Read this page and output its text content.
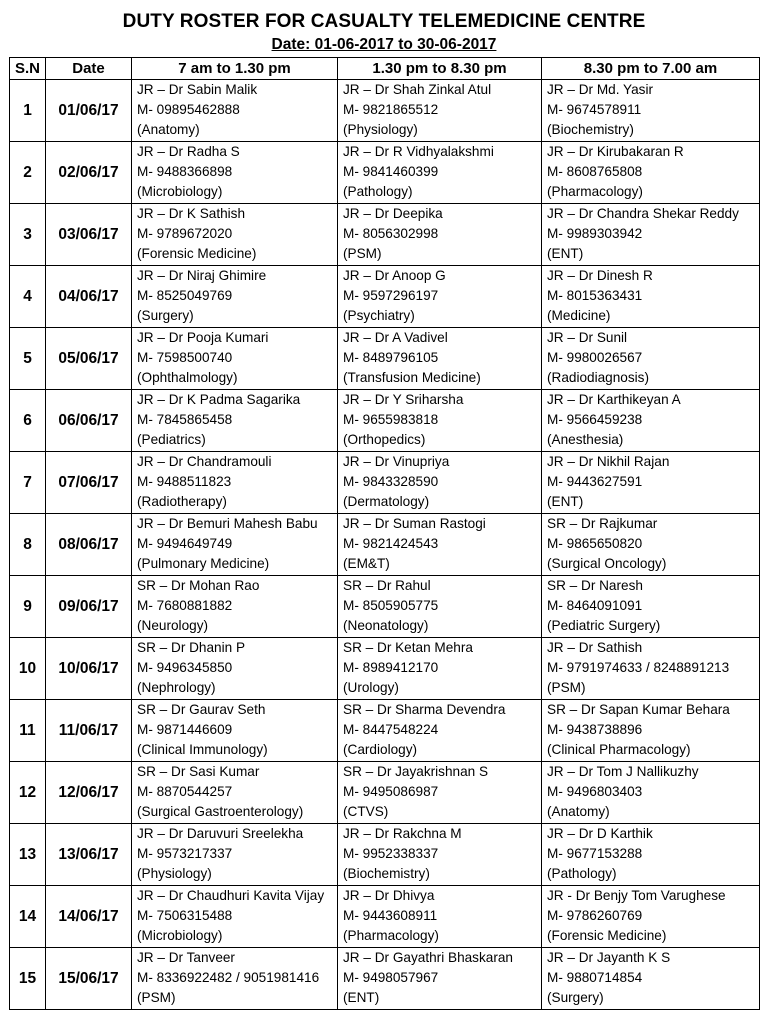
DUTY ROSTER FOR CASUALTY TELEMEDICINE CENTRE
Date: 01-06-2017 to 30-06-2017
S.N	Date	7 am to 1.30 pm	1.30 pm to 8.30 pm	8.30 pm to 7.00 am
1	01/06/17	JR – Dr Sabin Malik
M- 09895462888
(Anatomy)	JR – Dr Shah Zinkal Atul
M- 9821865512
(Physiology)	JR – Dr Md. Yasir
M- 9674578911
(Biochemistry)

2	02/06/17	JR – Dr Radha S
M- 9488366898
(Microbiology)	JR – Dr R Vidhyalakshmi
M- 9841460399
(Pathology)	JR – Dr Kirubakaran R
M- 8608765808
(Pharmacology)

3	03/06/17	JR – Dr K Sathish
M- 9789672020
(Forensic Medicine)	JR – Dr Deepika
M- 8056302998
(PSM)	JR – Dr Chandra Shekar Reddy
M- 9989303942
(ENT)

4	04/06/17	JR – Dr Niraj Ghimire
M- 8525049769
(Surgery)	JR – Dr Anoop G
M- 9597296197
(Psychiatry)	JR – Dr Dinesh R
M- 8015363431
(Medicine)

5	05/06/17	JR – Dr Pooja Kumari
M- 7598500740
(Ophthalmology)	JR – Dr A Vadivel
M- 8489796105
(Transfusion Medicine)	JR – Dr Sunil
M- 9980026567
(Radiodiagnosis)

6	06/06/17	JR – Dr K Padma Sagarika
M- 7845865458
(Pediatrics)	JR – Dr Y Sriharsha
M- 9655983818
(Orthopedics)	JR – Dr Karthikeyan A
M- 9566459238
(Anesthesia)

7	07/06/17	JR – Dr Chandramouli
M- 9488511823
(Radiotherapy)	JR – Dr Vinupriya
M- 9843328590
(Dermatology)	JR – Dr Nikhil Rajan
M- 9443627591
(ENT)

8	08/06/17	JR – Dr Bemuri Mahesh Babu
M- 9494649749
(Pulmonary Medicine)	JR – Dr Suman Rastogi
M- 9821424543
(EM&T)	SR – Dr Rajkumar
M- 9865650820
(Surgical Oncology)

9	09/06/17	SR – Dr Mohan Rao
M- 7680881882
(Neurology)	SR – Dr Rahul
M- 8505905775
(Neonatology)	SR – Dr Naresh
M- 8464091091
(Pediatric Surgery)

10	10/06/17	SR – Dr Dhanin P
M- 9496345850
(Nephrology)	SR – Dr Ketan Mehra
M- 8989412170
(Urology)	JR – Dr Sathish
M- 9791974633 / 8248891213
(PSM)

11	11/06/17	SR – Dr Gaurav Seth
M- 9871446609
(Clinical Immunology)	SR – Dr Sharma Devendra
M- 8447548224
(Cardiology)	SR – Dr Sapan Kumar Behara
M- 9438738896
(Clinical Pharmacology)

12	12/06/17	SR – Dr Sasi Kumar
M- 8870544257
(Surgical Gastroenterology)	SR – Dr Jayakrishnan S
M- 9495086987
(CTVS)	JR – Dr Tom J Nallikuzhy
M- 9496803403
(Anatomy)

13	13/06/17	JR – Dr Daruvuri Sreelekha
M- 9573217337
(Physiology)	JR – Dr Rakchna M
M- 9952338337
(Biochemistry)	JR – Dr D Karthik
M- 9677153288
(Pathology)

14	14/06/17	JR – Dr Chaudhuri Kavita Vijay
M- 7506315488
(Microbiology)	JR – Dr Dhivya
M- 9443608911
(Pharmacology)	JR - Dr Benjy Tom Varughese
M- 9786260769
(Forensic Medicine)

15	15/06/17	JR – Dr Tanveer
M- 8336922482 / 9051981416
(PSM)	JR – Dr Gayathri Bhaskaran
M- 9498057967
(ENT)	JR – Dr Jayanth K S
M- 9880714854
(Surgery)
